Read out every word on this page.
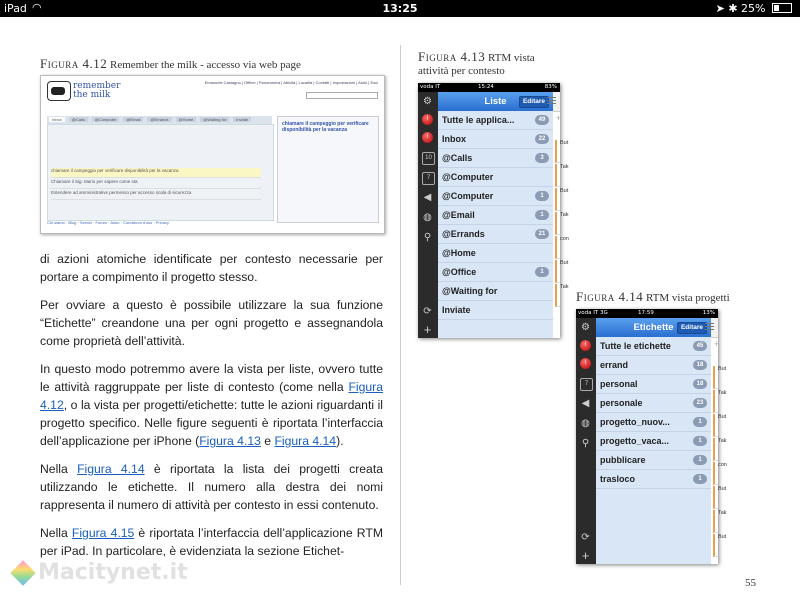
iPad ◠	13:25	➤ ✱ 25%
Figura 4.12 Remember the milk - accesso via web page
remember
the milk
Emanuele Castagno | Offline | Panoramica | Attività | Località | Contatti | Impostazioni | Aiuto | Esci
Inbox	@Calls	@Computer	@Email	@Errands	@Home	@Waiting for	Inviate
chiamare il campeggio per verificare disponibilità per la vacanza
Chiamare il Sig. Mario per sapere come sta
Estendere ad amministrative permesso per accesso scala di sicurezza
chiamare il campeggio per verificare disponibilità per la vacanza
Chi siamo · Blog · Servizi · Forum · Aiuto · Condizioni d'uso · Privacy

di azioni atomiche identificate per contesto necessarie per portare a compimento il progetto stesso.

Per ovviare a questo è possibile utilizzare la sua funzione “Etichette” creandone una per ogni progetto e assegnandola come proprietà dell’attività.

In questo modo potremmo avere la vista per liste, ovvero tutte le attività raggruppate per liste di contesto (come nella Figura 4.12, o la vista per progetti/etichette: tutte le azioni riguardanti il progetto specifico. Nelle figure seguenti è riportata l’interfaccia dell’applicazione per iPhone (Figura 4.13 e Figura 4.14).

Nella Figura 4.14 è riportata la lista dei progetti creata utilizzando le etichette. Il numero alla destra dei nomi rappresenta il numero di attività per contesto in essi contenuto.

Nella Figura 4.15 è riportata l’interfaccia dell’applicazione RTM per iPad. In particolare, è evidenziata la sezione Etichet-

Figura 4.13 RTM vista
attività per contesto
voda IT	15:24	83%
⚙
!
!
10
7
◀
◍
⚲
⟳
+
Liste	Editare
Tutte le applica...	49
Inbox	22
@Calls	3
@Computer
@Computer	1
@Email	1
@Errands	21
@Home
@Office	1
@Waiting for
Inviate
+
But
Tak
But
Tak
con
But
Tak
Figura 4.14 RTM vista progetti
voda IT 3G	17:59	13%
⚙
!
!
7
◀
◍
⚲
⟳
+
Etichette	Editare
Tutte le etichette	45
errand	18
personal	18
personale	23
progetto_nuov...	1
progetto_vaca...	1
pubblicare	1
trasloco	1
+
But
Tak
But
Tak
con
But
Tak
But
55
Macitynet.it
